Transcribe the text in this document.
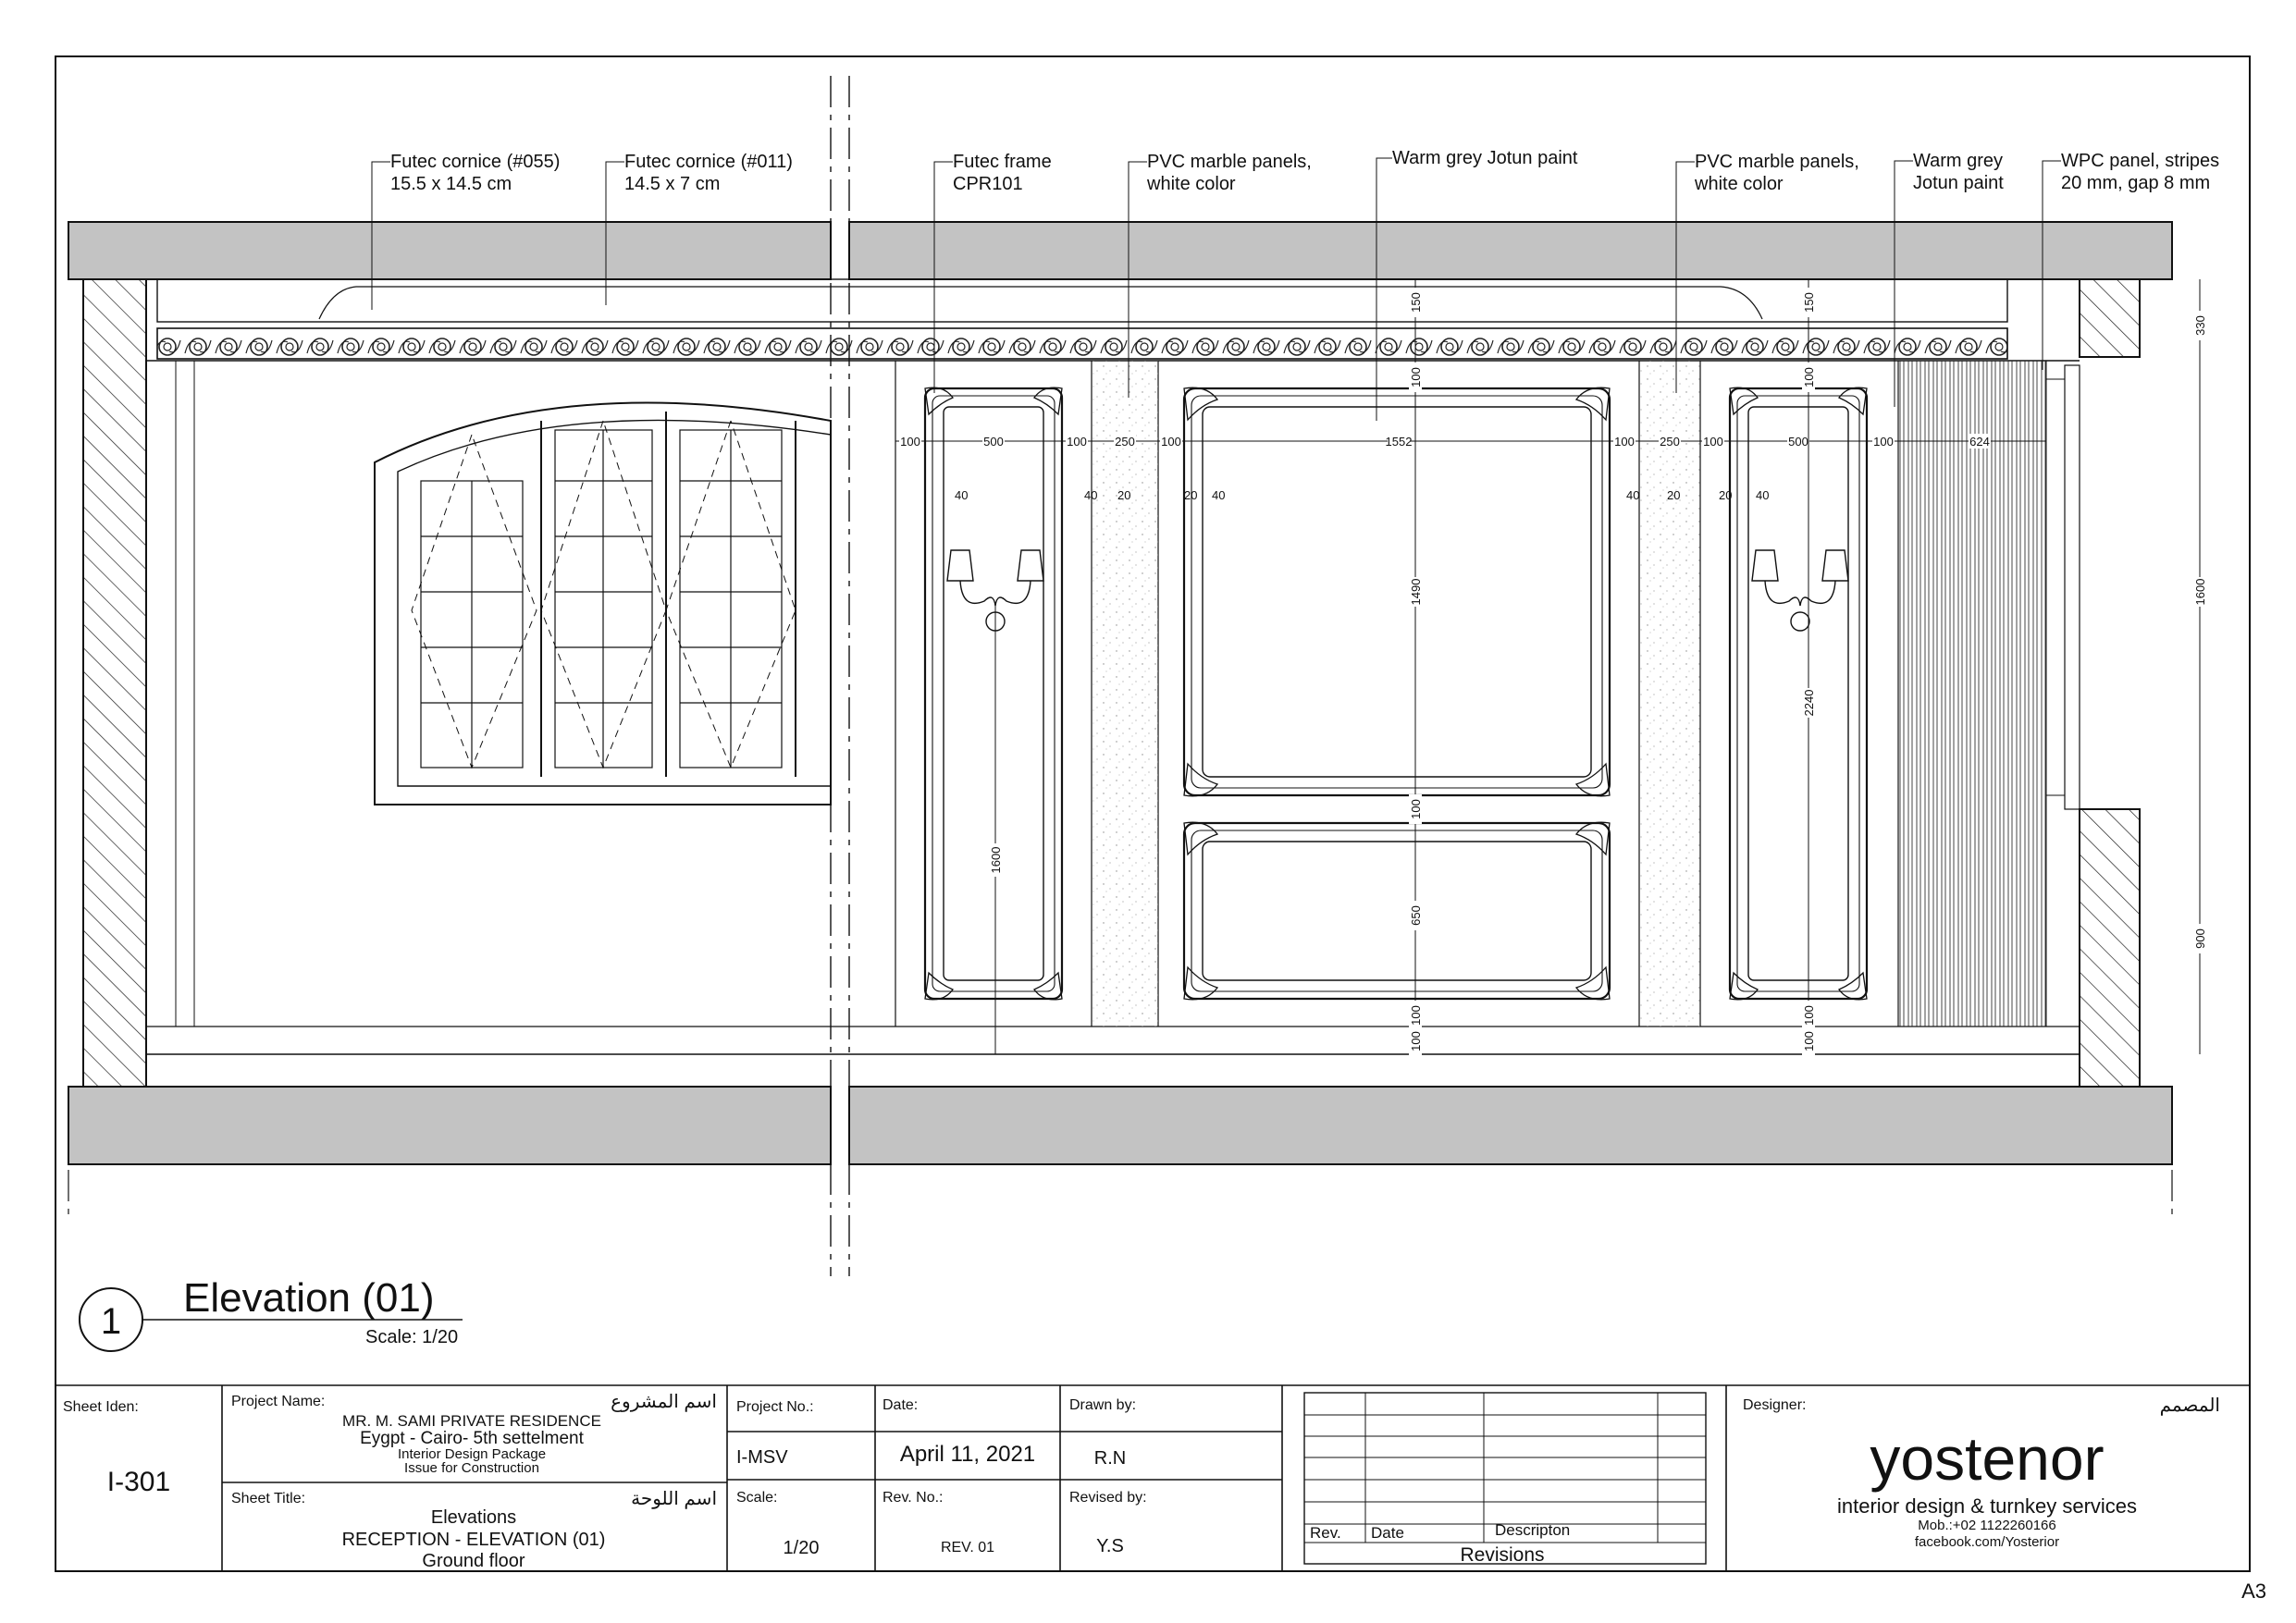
100	500	100 250 100	1552	100 250 100	500	100	624
40	40 20	20 40	40 20	20 40
150
100
1490
100
650
100
100
150
100
2240
100
100
330
1600
900
1600
Futec cornice (#055)
15.5 x 14.5 cm
Futec cornice (#011)
14.5 x 7 cm
Futec frame
CPR101
PVC marble panels,
white color
Warm grey Jotun paint	PVC marble panels,
white color
Warm grey
Jotun paint
WPC panel, stripes
20 mm, gap 8 mm
1
Elevation (01)
Scale: 1/20
Sheet Iden:
I-301
Project Name:	اسم المشروع
MR. M. SAMI PRIVATE RESIDENCE
Eygpt - Cairo- 5th settelment
Interior Design Package
Issue for Construction
Sheet Title:	اسم اللوحة
Elevations
RECEPTION - ELEVATION (01)
Ground floor
Project No.:
I-MSV
Scale:
1/20
Date:
April 11, 2021
Rev. No.:
REV. 01
Drawn by:
R.N
Revised by:
Y.S
Rev. Date	Descripton
Revisions
Designer:	المصمم
yostenor
interior design & turnkey services
Mob.:+02 1122260166
facebook.com/Yosterior
A3
